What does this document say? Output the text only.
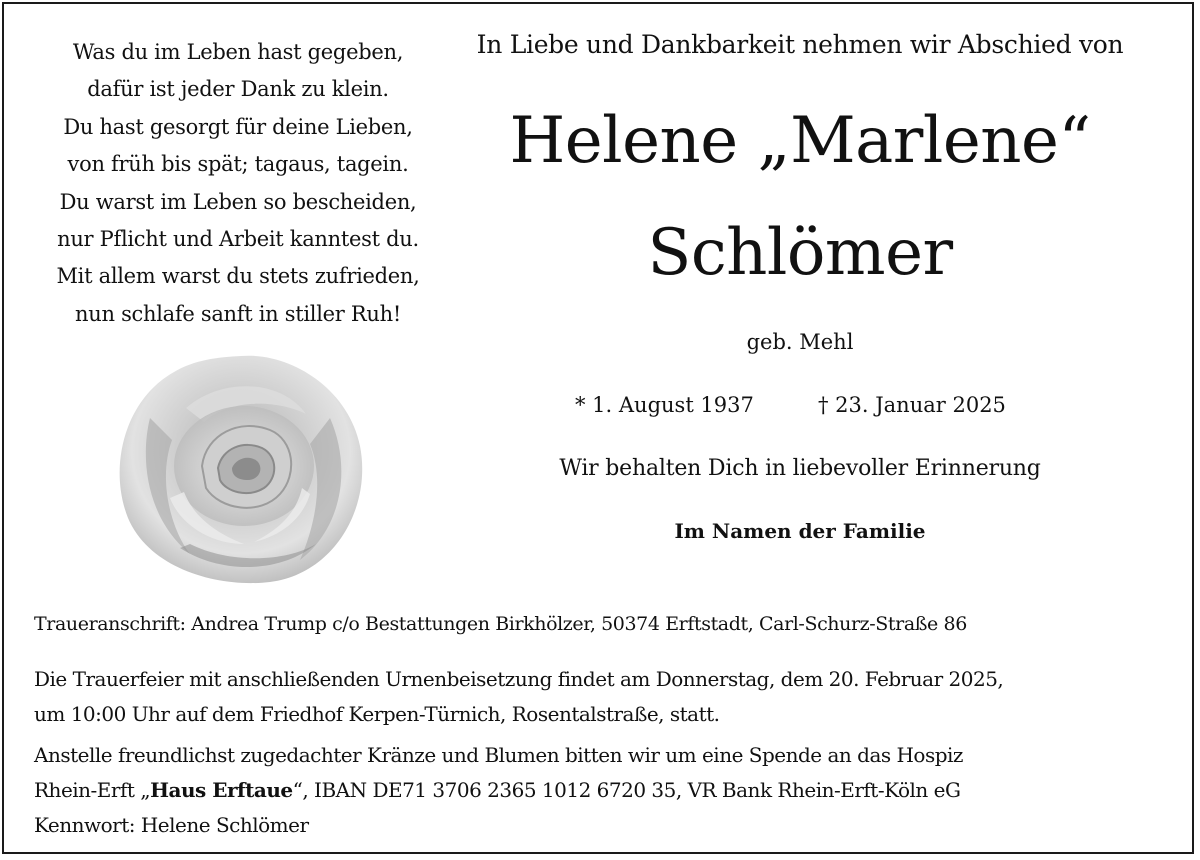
Was du im Leben hast gegeben,
dafür ist jeder Dank zu klein.
Du hast gesorgt für deine Lieben,
von früh bis spät; tagaus, tagein.
Du warst im Leben so bescheiden,
nur Pflicht und Arbeit kanntest du.
Mit allem warst du stets zufrieden,
nun schlafe sanft in stiller Ruh!
In Liebe und Dankbarkeit nehmen wir Abschied von
Helene „Marlene“
Schlömer
geb. Mehl
* 1. August 1937	† 23. Januar 2025
Wir behalten Dich in liebevoller Erinnerung
Im Namen der Familie
Traueranschrift: Andrea Trump c/o Bestattungen Birkhölzer, 50374 Erftstadt, Carl-Schurz-Straße 86
Die Trauerfeier mit anschließenden Urnenbeisetzung findet am Donnerstag, dem 20. Februar 2025,
um 10:00 Uhr auf dem Friedhof Kerpen-Türnich, Rosentalstraße, statt.
Anstelle freundlichst zugedachter Kränze und Blumen bitten wir um eine Spende an das Hospiz
Rhein-Erft „Haus Erftaue“, IBAN DE71 3706 2365 1012 6720 35, VR Bank Rhein-Erft-Köln eG
Kennwort: Helene Schlömer
